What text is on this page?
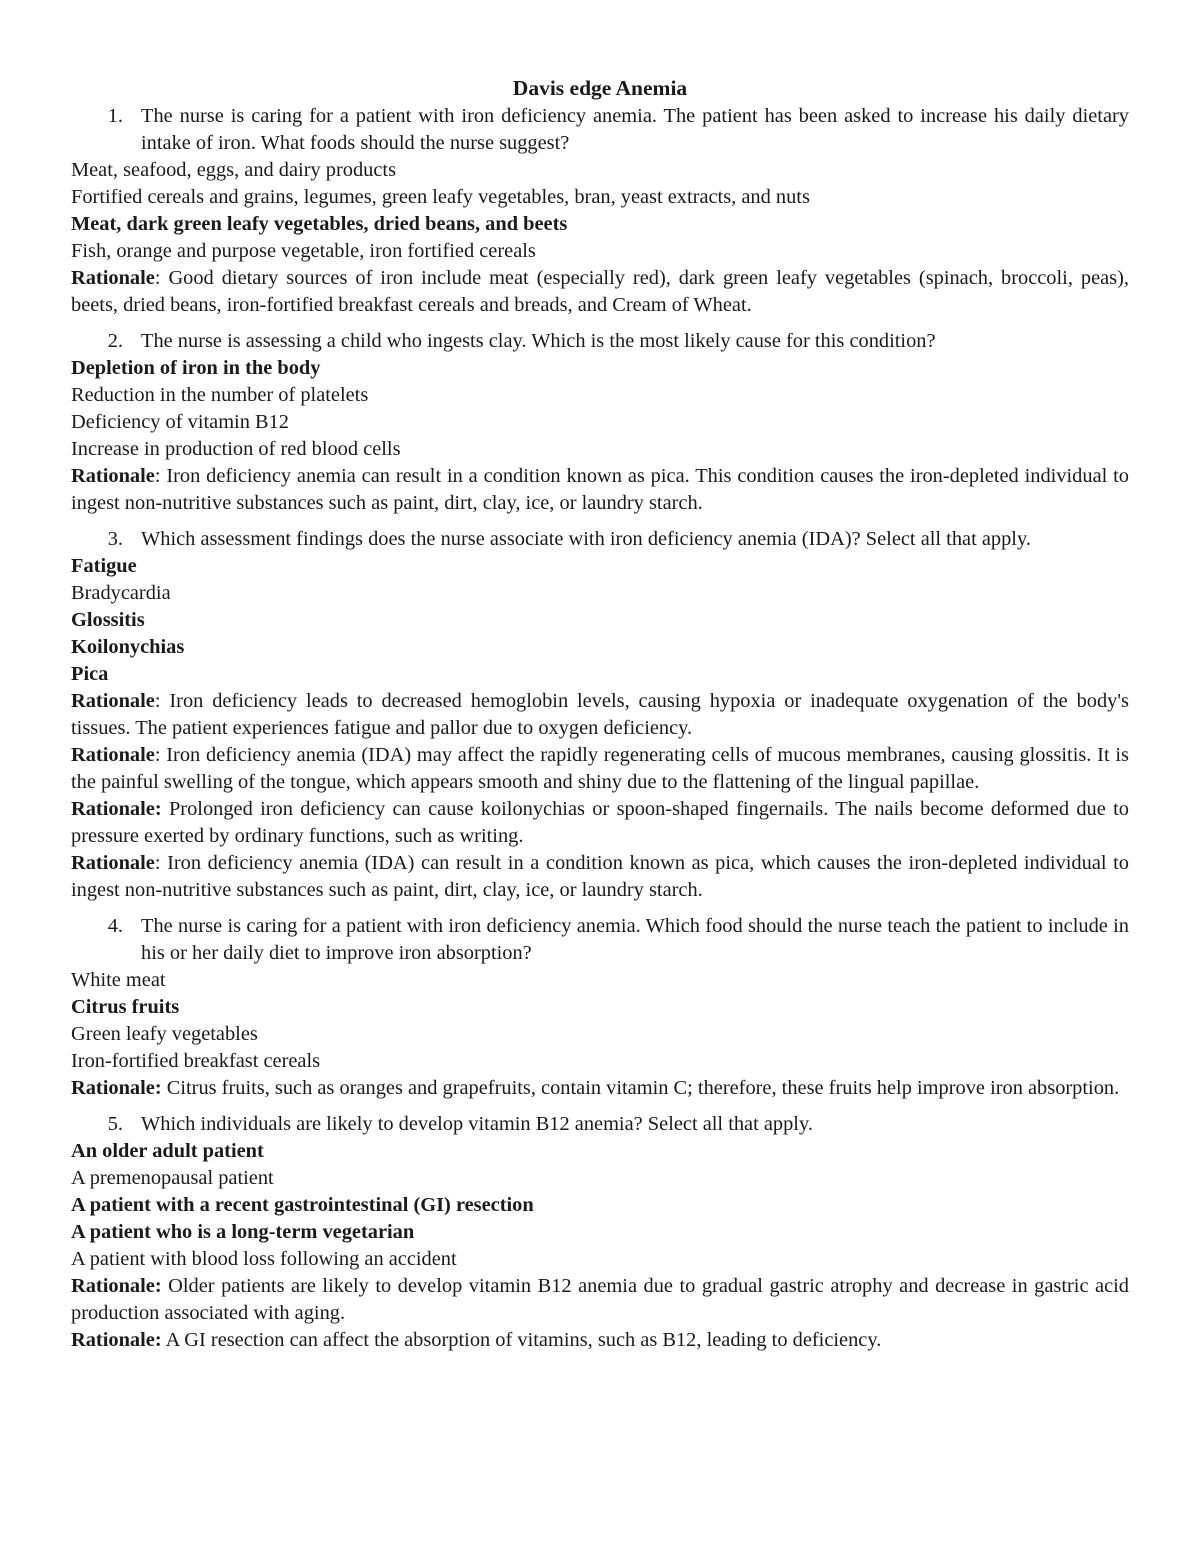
Davis edge Anemia
1. The nurse is caring for a patient with iron deficiency anemia. The patient has been asked to increase his daily dietary intake of iron. What foods should the nurse suggest?
Meat, seafood, eggs, and dairy products
Fortified cereals and grains, legumes, green leafy vegetables, bran, yeast extracts, and nuts
Meat, dark green leafy vegetables, dried beans, and beets
Fish, orange and purpose vegetable, iron fortified cereals
Rationale: Good dietary sources of iron include meat (especially red), dark green leafy vegetables (spinach, broccoli, peas), beets, dried beans, iron-fortified breakfast cereals and breads, and Cream of Wheat.
2. The nurse is assessing a child who ingests clay. Which is the most likely cause for this condition?
Depletion of iron in the body
Reduction in the number of platelets
Deficiency of vitamin B12
Increase in production of red blood cells
Rationale: Iron deficiency anemia can result in a condition known as pica. This condition causes the iron-depleted individual to ingest non-nutritive substances such as paint, dirt, clay, ice, or laundry starch.
3. Which assessment findings does the nurse associate with iron deficiency anemia (IDA)? Select all that apply.
Fatigue
Bradycardia
Glossitis
Koilonychias
Pica
Rationale: Iron deficiency leads to decreased hemoglobin levels, causing hypoxia or inadequate oxygenation of the body's tissues. The patient experiences fatigue and pallor due to oxygen deficiency.
Rationale: Iron deficiency anemia (IDA) may affect the rapidly regenerating cells of mucous membranes, causing glossitis. It is the painful swelling of the tongue, which appears smooth and shiny due to the flattening of the lingual papillae.
Rationale: Prolonged iron deficiency can cause koilonychias or spoon-shaped fingernails. The nails become deformed due to pressure exerted by ordinary functions, such as writing.
Rationale: Iron deficiency anemia (IDA) can result in a condition known as pica, which causes the iron-depleted individual to ingest non-nutritive substances such as paint, dirt, clay, ice, or laundry starch.
4. The nurse is caring for a patient with iron deficiency anemia. Which food should the nurse teach the patient to include in his or her daily diet to improve iron absorption?
White meat
Citrus fruits
Green leafy vegetables
Iron-fortified breakfast cereals
Rationale: Citrus fruits, such as oranges and grapefruits, contain vitamin C; therefore, these fruits help improve iron absorption.
5. Which individuals are likely to develop vitamin B12 anemia? Select all that apply.
An older adult patient
A premenopausal patient
A patient with a recent gastrointestinal (GI) resection
A patient who is a long-term vegetarian
A patient with blood loss following an accident
Rationale: Older patients are likely to develop vitamin B12 anemia due to gradual gastric atrophy and decrease in gastric acid production associated with aging.
Rationale: A GI resection can affect the absorption of vitamins, such as B12, leading to deficiency.
